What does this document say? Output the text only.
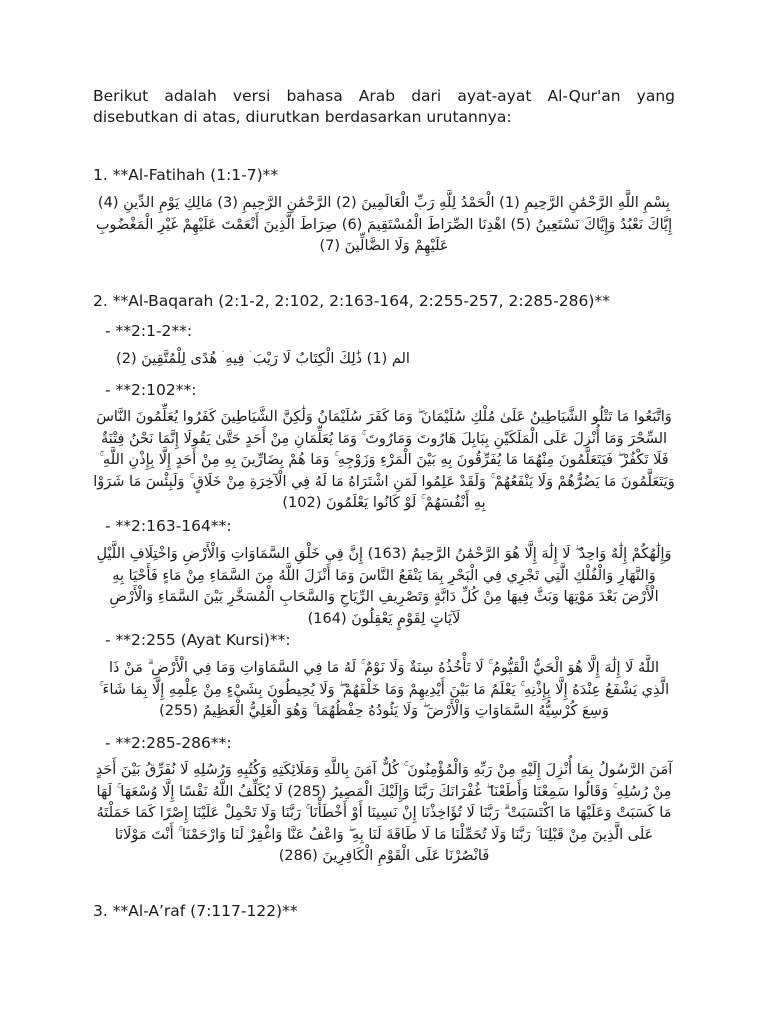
Berikut adalah versi bahasa Arab dari ayat-ayat Al-Qur'an yang
disebutkan di atas, diurutkan berdasarkan urutannya:
1. **Al-Fatihah (1:1-7)**
بِسْمِ اللَّهِ الرَّحْمَٰنِ الرَّحِيمِ (1) الْحَمْدُ لِلَّهِ رَبِّ الْعَالَمِينَ (2) الرَّحْمَٰنِ الرَّحِيمِ (3) مَالِكِ يَوْمِ الدِّينِ (4) إِيَّاكَ نَعْبُدُ وَإِيَّاكَ نَسْتَعِينُ (5) اهْدِنَا الصِّرَاطَ الْمُسْتَقِيمَ (6) صِرَاطَ الَّذِينَ أَنْعَمْتَ عَلَيْهِمْ غَيْرِ الْمَغْضُوبِ عَلَيْهِمْ وَلَا الضَّالِّينَ (7)
2. **Al-Baqarah (2:1-2, 2:102, 2:163-164, 2:255-257, 2:285-286)**
- **2:1-2**:
الم (1) ذَٰلِكَ الْكِتَابُ لَا رَيْبَ ۛ فِيهِ ۛ هُدًى لِلْمُتَّقِينَ (2)
- **2:102**:
وَاتَّبَعُوا مَا تَتْلُو الشَّيَاطِينُ عَلَىٰ مُلْكِ سُلَيْمَانَ ۖ وَمَا كَفَرَ سُلَيْمَانُ وَلَٰكِنَّ الشَّيَاطِينَ كَفَرُوا يُعَلِّمُونَ النَّاسَ السِّحْرَ وَمَا أُنْزِلَ عَلَى الْمَلَكَيْنِ بِبَابِلَ هَارُوتَ وَمَارُوتَ ۚ وَمَا يُعَلِّمَانِ مِنْ أَحَدٍ حَتَّىٰ يَقُولَا إِنَّمَا نَحْنُ فِتْنَةٌ فَلَا تَكْفُرْ ۖ فَيَتَعَلَّمُونَ مِنْهُمَا مَا يُفَرِّقُونَ بِهِ بَيْنَ الْمَرْءِ وَزَوْجِهِ ۚ وَمَا هُمْ بِضَارِّينَ بِهِ مِنْ أَحَدٍ إِلَّا بِإِذْنِ اللَّهِ ۚ وَيَتَعَلَّمُونَ مَا يَضُرُّهُمْ وَلَا يَنْفَعُهُمْ ۚ وَلَقَدْ عَلِمُوا لَمَنِ اشْتَرَاهُ مَا لَهُ فِي الْآخِرَةِ مِنْ خَلَاقٍ ۚ وَلَبِئْسَ مَا شَرَوْا بِهِ أَنْفُسَهُمْ ۚ لَوْ كَانُوا يَعْلَمُونَ (102)
- **2:163-164**:
وَإِلَٰهُكُمْ إِلَٰهٌ وَاحِدٌ ۖ لَا إِلَٰهَ إِلَّا هُوَ الرَّحْمَٰنُ الرَّحِيمُ (163) إِنَّ فِي خَلْقِ السَّمَاوَاتِ وَالْأَرْضِ وَاخْتِلَافِ اللَّيْلِ وَالنَّهَارِ وَالْفُلْكِ الَّتِي تَجْرِي فِي الْبَحْرِ بِمَا يَنْفَعُ النَّاسَ وَمَا أَنْزَلَ اللَّهُ مِنَ السَّمَاءِ مِنْ مَاءٍ فَأَحْيَا بِهِ الْأَرْضَ بَعْدَ مَوْتِهَا وَبَثَّ فِيهَا مِنْ كُلِّ دَابَّةٍ وَتَصْرِيفِ الرِّيَاحِ وَالسَّحَابِ الْمُسَخَّرِ بَيْنَ السَّمَاءِ وَالْأَرْضِ لَآيَاتٍ لِقَوْمٍ يَعْقِلُونَ (164)
- **2:255 (Ayat Kursi)**:
اللَّهُ لَا إِلَٰهَ إِلَّا هُوَ الْحَيُّ الْقَيُّومُ ۚ لَا تَأْخُذُهُ سِنَةٌ وَلَا نَوْمٌ ۚ لَهُ مَا فِي السَّمَاوَاتِ وَمَا فِي الْأَرْضِ ۗ مَنْ ذَا الَّذِي يَشْفَعُ عِنْدَهُ إِلَّا بِإِذْنِهِ ۚ يَعْلَمُ مَا بَيْنَ أَيْدِيهِمْ وَمَا خَلْفَهُمْ ۖ وَلَا يُحِيطُونَ بِشَيْءٍ مِنْ عِلْمِهِ إِلَّا بِمَا شَاءَ ۚ وَسِعَ كُرْسِيُّهُ السَّمَاوَاتِ وَالْأَرْضَ ۖ وَلَا يَئُودُهُ حِفْظُهُمَا ۚ وَهُوَ الْعَلِيُّ الْعَظِيمُ (255)
- **2:285-286**:
آمَنَ الرَّسُولُ بِمَا أُنْزِلَ إِلَيْهِ مِنْ رَبِّهِ وَالْمُؤْمِنُونَ ۚ كُلٌّ آمَنَ بِاللَّهِ وَمَلَائِكَتِهِ وَكُتُبِهِ وَرُسُلِهِ لَا نُفَرِّقُ بَيْنَ أَحَدٍ مِنْ رُسُلِهِ ۚ وَقَالُوا سَمِعْنَا وَأَطَعْنَا ۖ غُفْرَانَكَ رَبَّنَا وَإِلَيْكَ الْمَصِيرُ (285) لَا يُكَلِّفُ اللَّهُ نَفْسًا إِلَّا وُسْعَهَا ۚ لَهَا مَا كَسَبَتْ وَعَلَيْهَا مَا اكْتَسَبَتْ ۗ رَبَّنَا لَا تُؤَاخِذْنَا إِنْ نَسِينَا أَوْ أَخْطَأْنَا ۚ رَبَّنَا وَلَا تَحْمِلْ عَلَيْنَا إِصْرًا كَمَا حَمَلْتَهُ عَلَى الَّذِينَ مِنْ قَبْلِنَا ۚ رَبَّنَا وَلَا تُحَمِّلْنَا مَا لَا طَاقَةَ لَنَا بِهِ ۖ وَاعْفُ عَنَّا وَاغْفِرْ لَنَا وَارْحَمْنَا ۚ أَنْتَ مَوْلَانَا فَانْصُرْنَا عَلَى الْقَوْمِ الْكَافِرِينَ (286)
3. **Al-A’raf (7:117-122)**
